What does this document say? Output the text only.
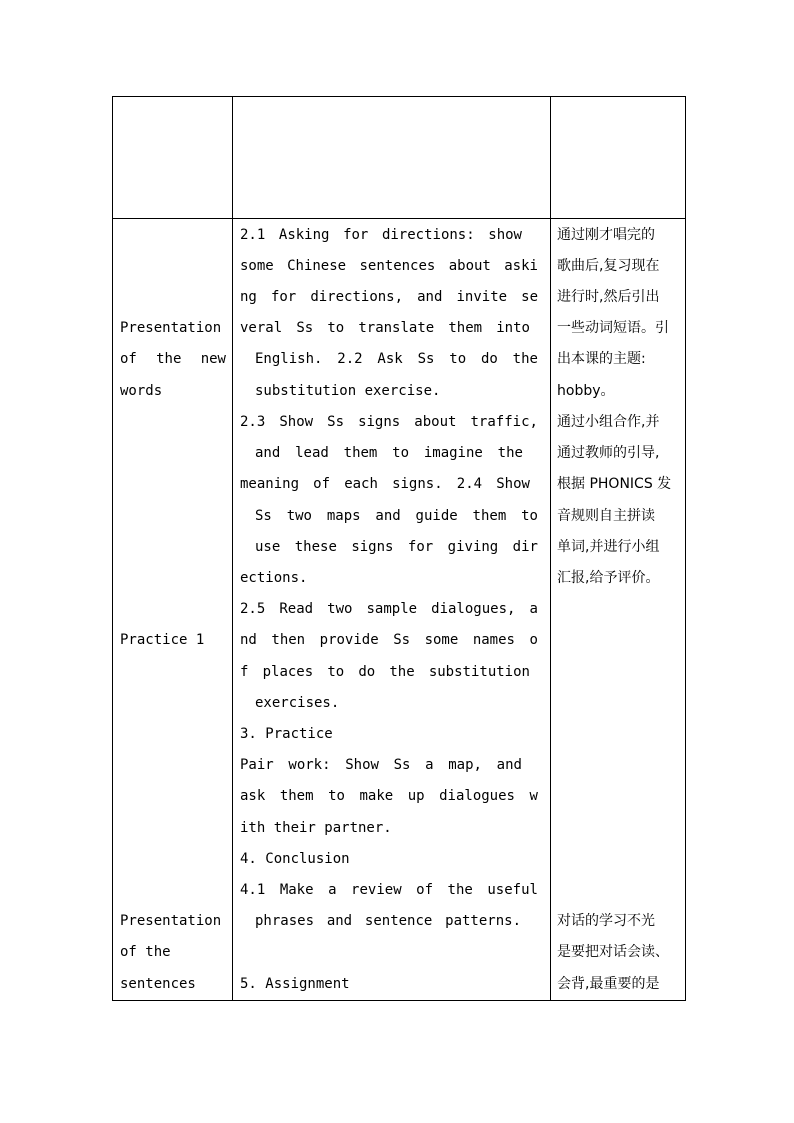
Presentation
of the new
words
Practice 1
Presentation
of the
sentences
2.1 Asking for directions: show
some Chinese sentences about aski
ng for directions, and invite se
veral Ss to translate them into
English. 2.2 Ask Ss to do the
substitution exercise.
2.3 Show Ss signs about traffic,
and lead them to imagine the
meaning of each signs. 2.4 Show
Ss two maps and guide them to
use these signs for giving dir
ections.
2.5 Read two sample dialogues, a
nd then provide Ss some names o
f places to do the substitution
exercises.
3. Practice
Pair work: Show Ss a map, and
ask them to make up dialogues w
ith their partner.
4. Conclusion
4.1 Make a review of the useful
phrases and sentence patterns.
5. Assignment
通过刚才唱完的
歌曲后,复习现在
进行时,然后引出
一些动词短语。引
出本课的主题:
hobby。
通过小组合作,并
通过教师的引导,
根据 PHONICS 发
音规则自主拼读
单词,并进行小组
汇报,给予评价。
对话的学习不光
是要把对话会读、
会背,最重要的是
